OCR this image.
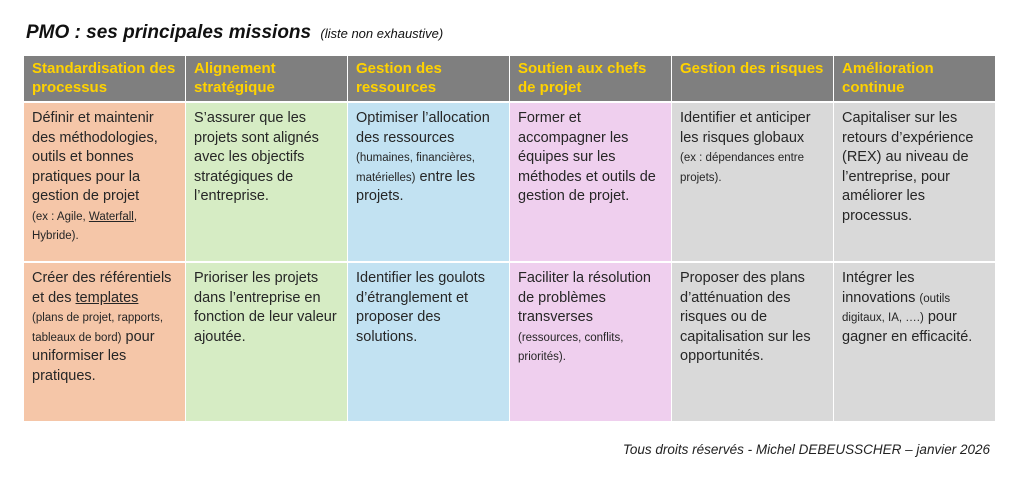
PMO : ses principales missions (liste non exhaustive)
Standardisation des processus
Alignement stratégique
Gestion des ressources
Soutien aux chefs de projet
Gestion des risques	Amélioration continue
Définir et maintenir des méthodologies, outils et bonnes pratiques pour la gestion de projet
(ex : Agile, Waterfall, Hybride).
S’assurer que les projets sont alignés avec les objectifs stratégiques de l’entreprise.
Optimiser l’allocation des ressources
(humaines, financières, matérielles) entre les projets.
Former et accompagner les équipes sur les méthodes et outils de gestion de projet.
Identifier et anticiper les risques globaux
(ex : dépendances entre projets).
Capitaliser sur les retours d’expérience (REX) au niveau de l’entreprise, pour améliorer les processus.
Créer des référentiels et des templates
(plans de projet, rapports, tableaux de bord) pour uniformiser les pratiques.
Prioriser les projets dans l’entreprise en fonction de leur valeur ajoutée.
Identifier les goulots d’étranglement et proposer des solutions.
Faciliter la résolution de problèmes transverses
(ressources, conflits, priorités).
Proposer des plans d’atténuation des risques ou de capitalisation sur les opportunités.
Intégrer les innovations (outils digitaux, IA, ….) pour gagner en efficacité.
Tous droits réservés - Michel DEBEUSSCHER – janvier 2026
